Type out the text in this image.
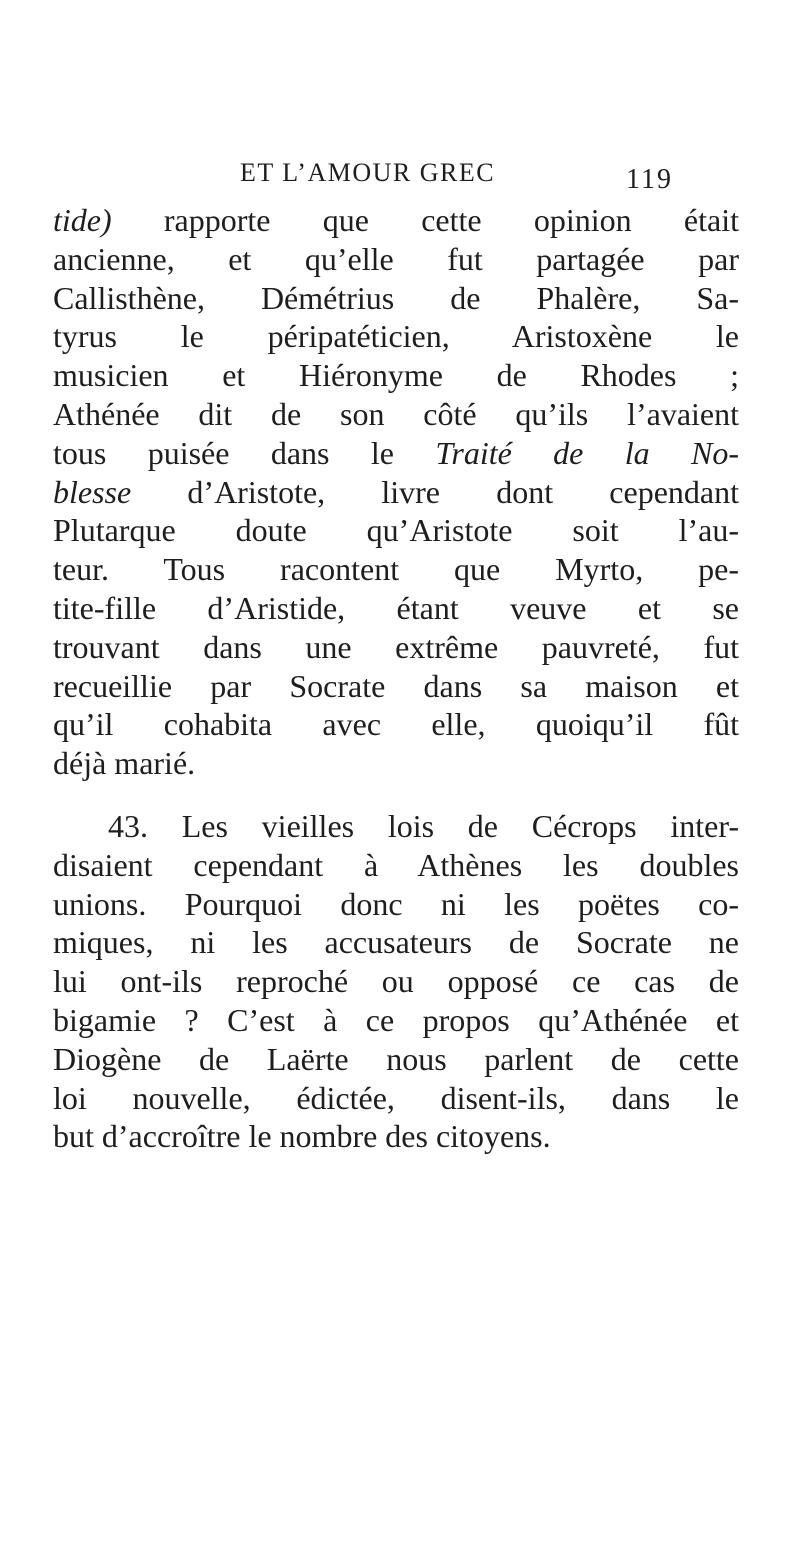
ET L’AMOUR GREC	119
tide) rapporte que cette opinion était
ancienne, et qu’elle fut partagée par
Callisthène, Démétrius de Phalère, Sa-
tyrus le péripatéticien, Aristoxène le
musicien et Hiéronyme de Rhodes ;
Athénée dit de son côté qu’ils l’avaient
tous puisée dans le Traité de la No-
blesse d’Aristote, livre dont cependant
Plutarque doute qu’Aristote soit l’au-
teur. Tous racontent que Myrto, pe-
tite-fille d’Aristide, étant veuve et se
trouvant dans une extrême pauvreté, fut
recueillie par Socrate dans sa maison et
qu’il cohabita avec elle, quoiqu’il fût
déjà marié.
43. Les vieilles lois de Cécrops inter-
disaient cependant à Athènes les doubles
unions. Pourquoi donc ni les poëtes co-
miques, ni les accusateurs de Socrate ne
lui ont-ils reproché ou opposé ce cas de
bigamie ? C’est à ce propos qu’Athénée et
Diogène de Laërte nous parlent de cette
loi nouvelle, édictée, disent-ils, dans le
but d’accroître le nombre des citoyens.
